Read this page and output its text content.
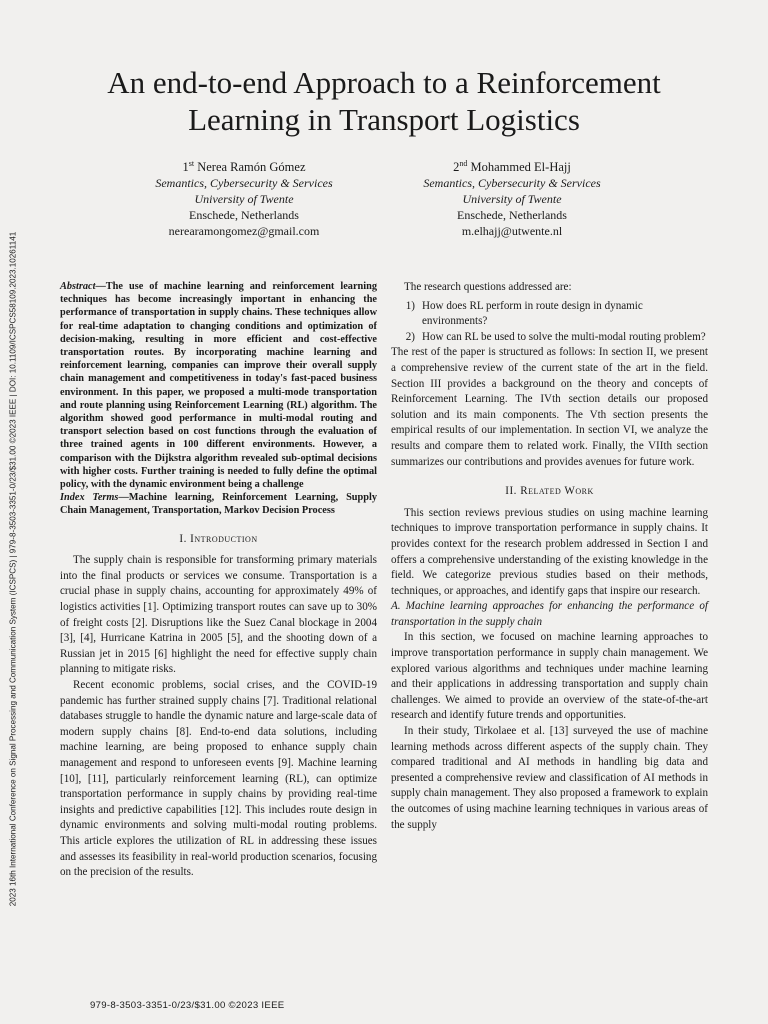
2023 16th International Conference on Signal Processing and Communication System (ICSPCS) | 979-8-3503-3351-0/23/$31.00 ©2023 IEEE | DOI: 10.1109/ICSPCS58109.2023.10261141
An end-to-end Approach to a Reinforcement
Learning in Transport Logistics
1st Nerea Ramón Gómez
Semantics, Cybersecurity & Services
University of Twente
Enschede, Netherlands
nerearamongomez@gmail.com
2nd Mohammed El-Hajj
Semantics, Cybersecurity & Services
University of Twente
Enschede, Netherlands
m.elhajj@utwente.nl

Abstract—The use of machine learning and reinforcement learning techniques has become increasingly important in enhancing the performance of transportation in supply chains. These techniques allow for real-time adaptation to changing conditions and optimization of decision-making, resulting in more efficient and cost-effective transportation routes. By incorporating machine learning and reinforcement learning, companies can improve their overall supply chain management and competitiveness in today's fast-paced business environment. In this paper, we proposed a multi-mode transportation and route planning using Reinforcement Learning (RL) algorithm. The algorithm showed good performance in multi-modal routing and transport selection based on cost functions through the evaluation of three trained agents in 100 different environments. However, a comparison with the Dijkstra algorithm revealed sub-optimal decisions with higher costs. Further training is needed to fully define the optimal policy, with the dynamic environment being a challenge

Index Terms—Machine learning, Reinforcement Learning, Supply Chain Management, Transportation, Markov Decision Process

I. Introduction

The supply chain is responsible for transforming primary materials into the final products or services we consume. Transportation is a crucial phase in supply chains, accounting for approximately 49% of logistics activities [1]. Optimizing transport routes can save up to 30% of freight costs [2]. Disruptions like the Suez Canal blockage in 2004 [3], [4], Hurricane Katrina in 2005 [5], and the shooting down of a Russian jet in 2015 [6] highlight the need for effective supply chain planning to mitigate risks.

Recent economic problems, social crises, and the COVID-19 pandemic has further strained supply chains [7]. Traditional relational databases struggle to handle the dynamic nature and large-scale data of modern supply chains [8]. End-to-end data solutions, including machine learning, are being proposed to enhance supply chain management and respond to unforeseen events [9]. Machine learning [10], [11], particularly reinforcement learning (RL), can optimize transportation performance in supply chains by providing real-time insights and predictive capabilities [12]. This includes route design in dynamic environments and solving multi-modal routing problems. This article explores the utilization of RL in addressing these issues and assesses its feasibility in real-world production scenarios, focusing on the precision of the results.

The research questions addressed are:

1) How does RL perform in route design in dynamic environments?
2) How can RL be used to solve the multi-modal routing problem?

The rest of the paper is structured as follows: In section II, we present a comprehensive review of the current state of the art in the field. Section III provides a background on the theory and concepts of Reinforcement Learning. The IVth section details our proposed solution and its main components. The Vth section presents the empirical results of our implementation. In section VI, we analyze the results and compare them to related work. Finally, the VIIth section summarizes our contributions and provides avenues for future work.

II. Related Work

This section reviews previous studies on using machine learning techniques to improve transportation performance in supply chains. It provides context for the research problem addressed in Section I and offers a comprehensive understanding of the existing knowledge in the field. We categorize previous studies based on their methods, techniques, or approaches, and identify gaps that inspire our research.

A. Machine learning approaches for enhancing the performance of transportation in the supply chain

In this section, we focused on machine learning approaches to improve transportation performance in supply chain management. We explored various algorithms and techniques under machine learning and their applications in addressing transportation and supply chain challenges. We aimed to provide an overview of the state-of-the-art research and identify future trends and opportunities.

In their study, Tirkolaee et al. [13] surveyed the use of machine learning methods across different aspects of the supply chain. They compared traditional and AI methods in handling big data and presented a comprehensive review and classification of AI methods in supply chain management. They also proposed a framework to explain the outcomes of using machine learning techniques in various areas of the supply

979-8-3503-3351-0/23/$31.00 ©2023 IEEE
